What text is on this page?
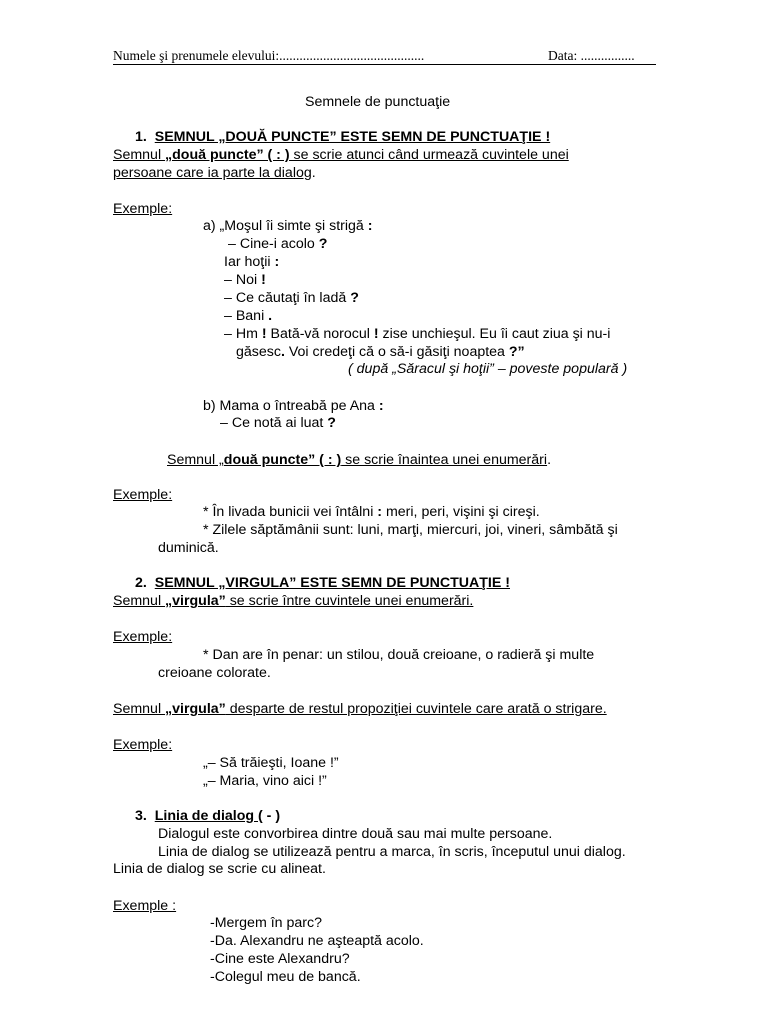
Numele şi prenumele elevului:...........................................	Data: ................
Semnele de punctuaţie
1. SEMNUL „DOUĂ PUNCTE” ESTE SEMN DE PUNCTUAŢIE !
Semnul „două puncte” ( : ) se scrie atunci când urmează cuvintele unei
persoane care ia parte la dialog.
Exemple:
a) „Moşul îi simte şi strigă :
– Cine-i acolo ?
Iar hoţii :
– Noi !
– Ce căutaţi în ladă ?
– Bani .
– Hm ! Bată-vă norocul ! zise unchieşul. Eu îi caut ziua şi nu-i
găsesc. Voi credeţi că o să-i găsiţi noaptea ?”
( după „Săracul şi hoţii” – poveste populară )
b) Mama o întreabă pe Ana :
– Ce notă ai luat ?
Semnul „două puncte” ( : ) se scrie înaintea unei enumerări.
Exemple:
* În livada bunicii vei întâlni : meri, peri, vişini şi cireşi.
* Zilele săptămânii sunt: luni, marţi, miercuri, joi, vineri, sâmbătă şi
duminică.
2. SEMNUL „VIRGULA” ESTE SEMN DE PUNCTUAŢIE !
Semnul „virgula” se scrie între cuvintele unei enumerări.
Exemple:
* Dan are în penar: un stilou, două creioane, o radieră şi multe
creioane colorate.
Semnul „virgula” desparte de restul propoziţiei cuvintele care arată o strigare.
Exemple:
„– Să trăieşti, Ioane !”
„– Maria, vino aici !”
3. Linia de dialog ( - )
Dialogul este convorbirea dintre două sau mai multe persoane.
Linia de dialog se utilizează pentru a marca, în scris, începutul unui dialog.
Linia de dialog se scrie cu alineat.
Exemple :
-Mergem în parc?
-Da. Alexandru ne aşteaptă acolo.
-Cine este Alexandru?
-Colegul meu de bancă.
